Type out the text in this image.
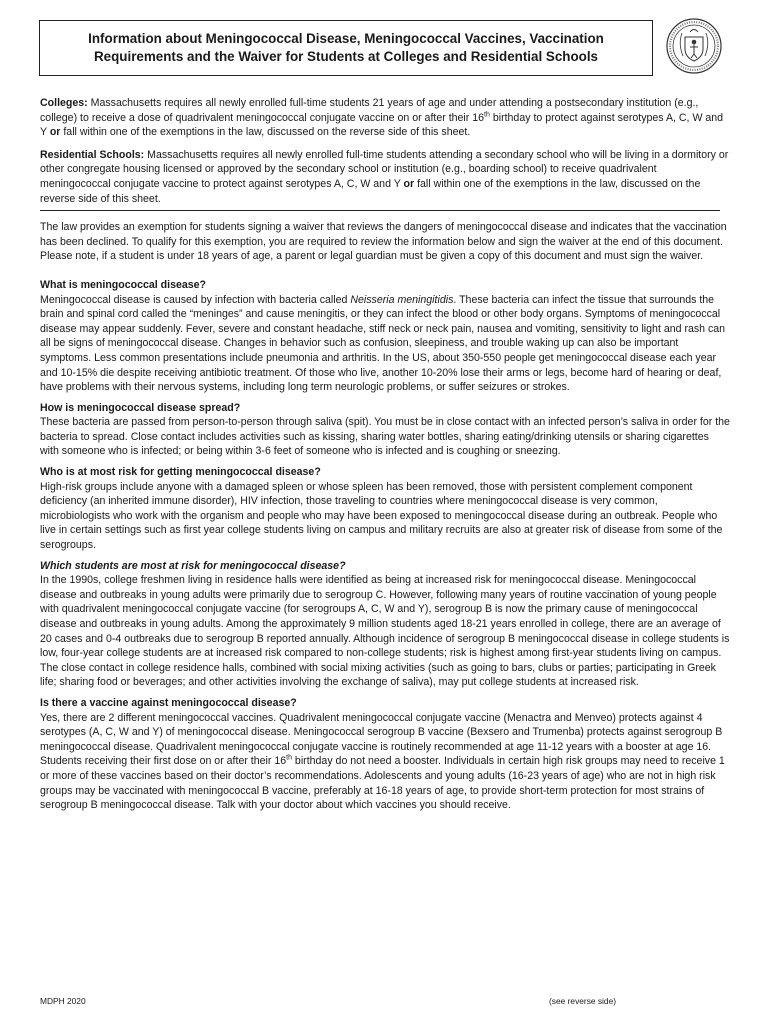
Information about Meningococcal Disease, Meningococcal Vaccines, Vaccination
Requirements and the Waiver for Students at Colleges and Residential Schools

Colleges: Massachusetts requires all newly enrolled full-time students 21 years of age and under attending a postsecondary institution (e.g., college) to receive a dose of quadrivalent meningococcal conjugate vaccine on or after their 16th birthday to protect against serotypes A, C, W and Y or fall within one of the exemptions in the law, discussed on the reverse side of this sheet.

Residential Schools: Massachusetts requires all newly enrolled full-time students attending a secondary school who will be living in a dormitory or other congregate housing licensed or approved by the secondary school or institution (e.g., boarding school) to receive quadrivalent meningococcal conjugate vaccine to protect against serotypes A, C, W and Y or fall within one of the exemptions in the law, discussed on the reverse side of this sheet.

The law provides an exemption for students signing a waiver that reviews the dangers of meningococcal disease and indicates that the vaccination has been declined. To qualify for this exemption, you are required to review the information below and sign the waiver at the end of this document. Please note, if a student is under 18 years of age, a parent or legal guardian must be given a copy of this document and must sign the waiver.

What is meningococcal disease?
Meningococcal disease is caused by infection with bacteria called Neisseria meningitidis. These bacteria can infect the tissue that surrounds the brain and spinal cord called the “meninges” and cause meningitis, or they can infect the blood or other body organs. Symptoms of meningococcal disease may appear suddenly. Fever, severe and constant headache, stiff neck or neck pain, nausea and vomiting, sensitivity to light and rash can all be signs of meningococcal disease. Changes in behavior such as confusion, sleepiness, and trouble waking up can also be important symptoms. Less common presentations include pneumonia and arthritis. In the US, about 350-550 people get meningococcal disease each year and 10-15% die despite receiving antibiotic treatment. Of those who live, another 10-20% lose their arms or legs, become hard of hearing or deaf, have problems with their nervous systems, including long term neurologic problems, or suffer seizures or strokes.
How is meningococcal disease spread?
These bacteria are passed from person-to-person through saliva (spit). You must be in close contact with an infected person’s saliva in order for the bacteria to spread. Close contact includes activities such as kissing, sharing water bottles, sharing eating/drinking utensils or sharing cigarettes with someone who is infected; or being within 3-6 feet of someone who is infected and is coughing or sneezing.
Who is at most risk for getting meningococcal disease?
High-risk groups include anyone with a damaged spleen or whose spleen has been removed, those with persistent complement component deficiency (an inherited immune disorder), HIV infection, those traveling to countries where meningococcal disease is very common, microbiologists who work with the organism and people who may have been exposed to meningococcal disease during an outbreak. People who live in certain settings such as first year college students living on campus and military recruits are also at greater risk of disease from some of the serogroups.
Which students are most at risk for meningococcal disease?
In the 1990s, college freshmen living in residence halls were identified as being at increased risk for meningococcal disease. Meningococcal disease and outbreaks in young adults were primarily due to serogroup C. However, following many years of routine vaccination of young people with quadrivalent meningococcal conjugate vaccine (for serogroups A, C, W and Y), serogroup B is now the primary cause of meningococcal disease and outbreaks in young adults. Among the approximately 9 million students aged 18-21 years enrolled in college, there are an average of 20 cases and 0-4 outbreaks due to serogroup B reported annually. Although incidence of serogroup B meningococcal disease in college students is low, four-year college students are at increased risk compared to non-college students; risk is highest among first-year students living on campus. The close contact in college residence halls, combined with social mixing activities (such as going to bars, clubs or parties; participating in Greek life; sharing food or beverages; and other activities involving the exchange of saliva), may put college students at increased risk.
Is there a vaccine against meningococcal disease?
Yes, there are 2 different meningococcal vaccines. Quadrivalent meningococcal conjugate vaccine (Menactra and Menveo) protects against 4 serotypes (A, C, W and Y) of meningococcal disease. Meningococcal serogroup B vaccine (Bexsero and Trumenba) protects against serogroup B meningococcal disease. Quadrivalent meningococcal conjugate vaccine is routinely recommended at age 11-12 years with a booster at age 16. Students receiving their first dose on or after their 16th birthday do not need a booster. Individuals in certain high risk groups may need to receive 1 or more of these vaccines based on their doctor’s recommendations. Adolescents and young adults (16-23 years of age) who are not in high risk groups may be vaccinated with meningococcal B vaccine, preferably at 16-18 years of age, to provide short-term protection for most strains of serogroup B meningococcal disease. Talk with your doctor about which vaccines you should receive.
MDPH 2020	(see reverse side)
